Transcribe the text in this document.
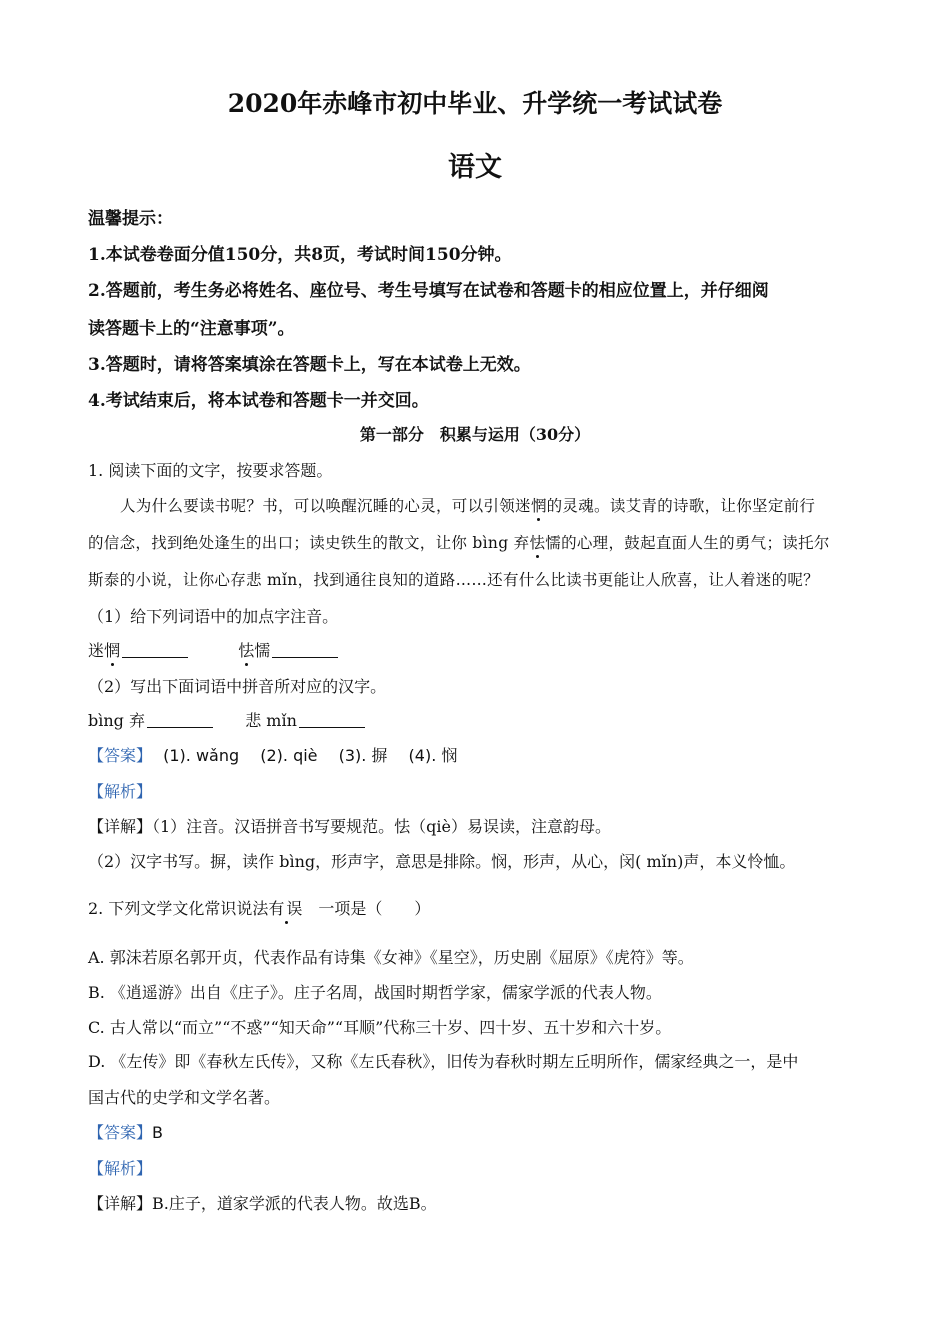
2020年赤峰市初中毕业、升学统一考试试卷
语文
温馨提示：
1.本试卷卷面分值150分，共8页，考试时间150分钟。
2.答题前，考生务必将姓名、座位号、考生号填写在试卷和答题卡的相应位置上，并仔细阅
读答题卡上的“注意事项”。
3.答题时，请将答案填涂在答题卡上，写在本试卷上无效。
4.考试结束后，将本试卷和答题卡一并交回。
第一部分　积累与运用（30分）
1. 阅读下面的文字，按要求答题。
人为什么要读书呢？书，可以唤醒沉睡的心灵，可以引领迷惘的灵魂。读艾青的诗歌，让你坚定前行
的信念，找到绝处逢生的出口；读史铁生的散文，让你 bìng 弃怯懦的心理，鼓起直面人生的勇气；读托尔
斯泰的小说，让你心存悲 mǐn，找到通往良知的道路……还有什么比读书更能让人欣喜，让人着迷的呢？
（1）给下列词语中的加点字注音。
迷惘	怯懦
（2）写出下面词语中拼音所对应的汉字。
bìng 弃	悲 mǐn
【答案】 (1). wǎng (2). qiè (3). 摒 (4). 悯
【解析】
【详解】（1）注音。汉语拼音书写要规范。怯（qiè）易误读，注意韵母。
（2）汉字书写。摒，读作 bìng，形声字，意思是排除。悯，形声，从心，闵( mǐn)声，本义怜恤。
2. 下列文学文化常识说法有误 一项是（　　）
A. 郭沫若原名郭开贞，代表作品有诗集《女神》《星空》，历史剧《屈原》《虎符》等。
B. 《逍遥游》出自《庄子》。庄子名周，战国时期哲学家，儒家学派的代表人物。
C. 古人常以“而立”“不惑”“知天命”“耳顺”代称三十岁、四十岁、五十岁和六十岁。
D. 《左传》即《春秋左氏传》，又称《左氏春秋》，旧传为春秋时期左丘明所作，儒家经典之一，是中
国古代的史学和文学名著。
【答案】B
【解析】
【详解】B.庄子，道家学派的代表人物。故选B。
